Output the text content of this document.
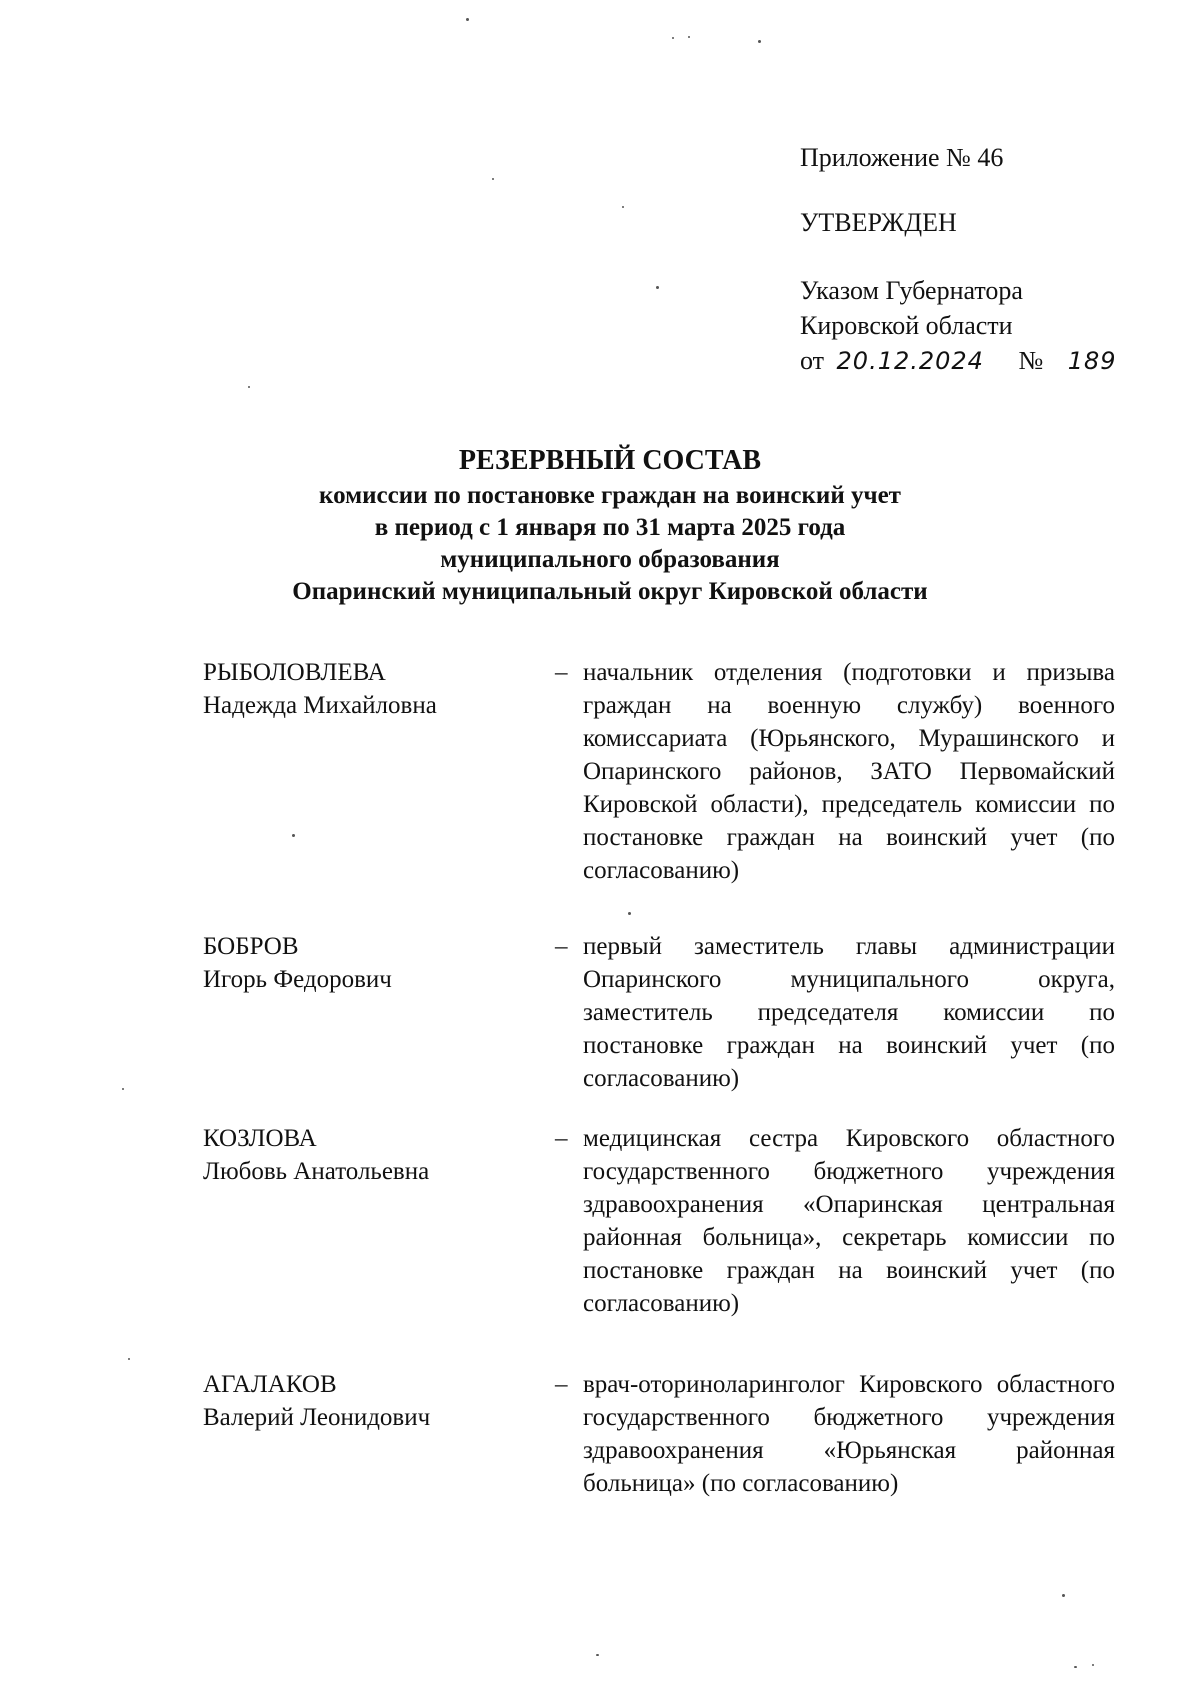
Приложение № 46
УТВЕРЖДЕН
Указом Губернатора
Кировской области
от 20.12.2024 № 189
РЕЗЕРВНЫЙ СОСТАВ
комиссии по постановке граждан на воинский учет
в период с 1 января по 31 марта 2025 года
муниципального образования
Опаринский муниципальный округ Кировской области
РЫБОЛОВЛЕВА
Надежда Михайловна
– начальник отделения (подготовки и призыва граждан на военную службу) военного комиссариата (Юрьянского, Мурашинского и Опаринского районов, ЗАТО Первомайский Кировской области), председатель комиссии по постановке граждан на воинский учет (по согласованию)
БОБРОВ
Игорь Федорович
– первый заместитель главы администрации Опаринского муниципального округа, заместитель председателя комиссии по постановке граждан на воинский учет (по согласованию)
КОЗЛОВА
Любовь Анатольевна
– медицинская сестра Кировского областного государственного бюджетного учреждения здравоохранения «Опаринская центральная районная больница», секретарь комиссии по постановке граждан на воинский учет (по согласованию)
АГАЛАКОВ
Валерий Леонидович
– врач-оториноларинголог Кировского областного государственного бюджетного учреждения здравоохранения «Юрьянская районная больница» (по согласованию)
